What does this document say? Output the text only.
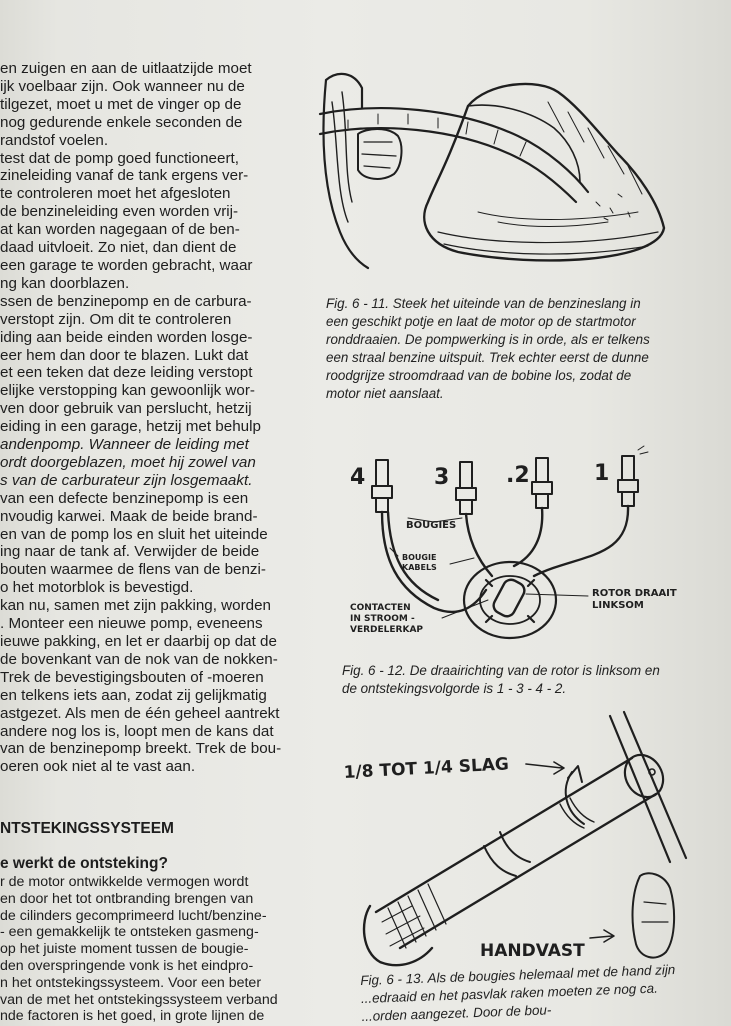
en zuigen en aan de uitlaatzijde moet
ijk voelbaar zijn. Ook wanneer nu de
tilgezet, moet u met de vinger op de
nog gedurende enkele seconden de
randstof voelen.
test dat de pomp goed functioneert,
zineleiding vanaf de tank ergens ver-
te controleren moet het afgesloten
de benzineleiding even worden vrij-
at kan worden nagegaan of de ben-
daad uitvloeit. Zo niet, dan dient de
een garage te worden gebracht, waar
ng kan doorblazen.
ssen de benzinepomp en de carbura-
verstopt zijn. Om dit te controleren
iding aan beide einden worden losge-
eer hem dan door te blazen. Lukt dat
et een teken dat deze leiding verstopt
elijke verstopping kan gewoonlijk wor-
ven door gebruik van perslucht, hetzij
eiding in een garage, hetzij met behulp
andenpomp. Wanneer de leiding met
ordt doorgeblazen, moet hij zowel van
s van de carburateur zijn losgemaakt.
van een defecte benzinepomp is een
nvoudig karwei. Maak de beide brand-
en van de pomp los en sluit het uiteinde
ing naar de tank af. Verwijder de beide
bouten waarmee de flens van de benzi-
o het motorblok is bevestigd.
kan nu, samen met zijn pakking, worden
. Monteer een nieuwe pomp, eveneens
ieuwe pakking, en let er daarbij op dat de
de bovenkant van de nok van de nokken-
Trek de bevestigingsbouten of -moeren
en telkens iets aan, zodat zij gelijkmatig
astgezet. Als men de één geheel aantrekt
andere nog los is, loopt men de kans dat
van de benzinepomp breekt. Trek de bou-
oeren ook niet al te vast aan.
NTSTEKINGSSYSTEEM
e werkt de ontsteking?
r de motor ontwikkelde vermogen wordt
en door het tot ontbranding brengen van
de cilinders gecomprimeerd lucht/benzine-
- een gemakkelijk te ontsteken gasmeng-
op het juiste moment tussen de bougie-
den overspringende vonk is het eindpro-
n het ontstekingssysteem. Voor een beter
van de met het ontstekingssysteem verband
nde factoren is het goed, in grote lijnen de
Fig. 6 - 11. Steek het uiteinde van de benzineslang in
een geschikt potje en laat de motor op de startmotor
ronddraaien. De pompwerking is in orde, als er telkens
een straal benzine uitspuit. Trek echter eerst de dunne
roodgrijze stroomdraad van de bobine los, zodat de
motor niet aanslaat.
4	3	.2	1
BOUGIES
BOUGIE
KABELS
CONTACTEN
IN STROOM -
VERDELERKAP
ROTOR DRAAIT
LINKSOM
Fig. 6 - 12. De draairichting van de rotor is linksom en
de ontstekingsvolgorde is 1 - 3 - 4 - 2.
1/8 TOT 1/4 SLAG
HANDVAST
Fig. 6 - 13. Als de bougies helemaal met de hand zijn
...edraaid en het pasvlak raken moeten ze nog ca.
...orden aangezet. Door de bou-
